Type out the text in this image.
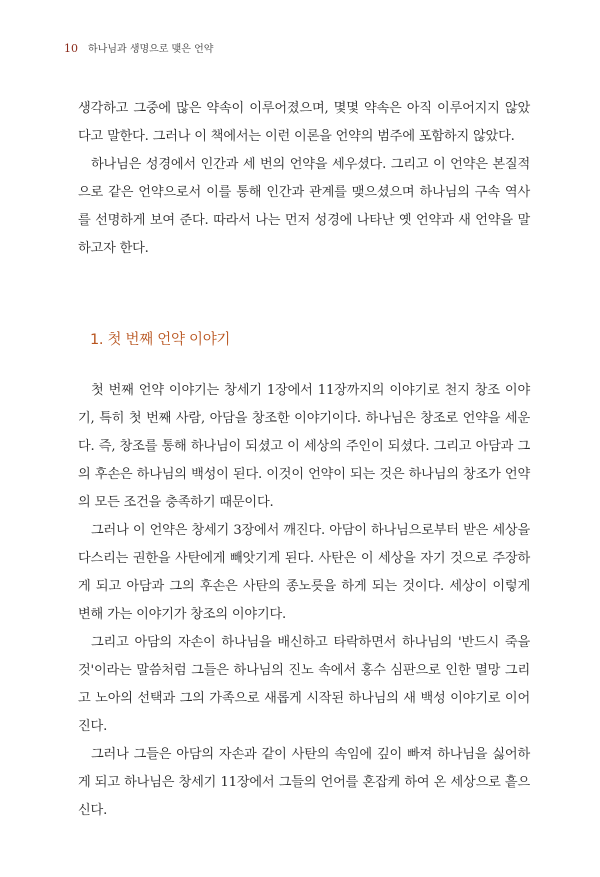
10 하나님과 생명으로 맺은 언약

생각하고 그중에 많은 약속이 이루어졌으며, 몇몇 약속은 아직 이루어지지 않았다고 말한다. 그러나 이 책에서는 이런 이론을 언약의 범주에 포함하지 않았다.

하나님은 성경에서 인간과 세 번의 언약을 세우셨다. 그리고 이 언약은 본질적으로 같은 언약으로서 이를 통해 인간과 관계를 맺으셨으며 하나님의 구속 역사를 선명하게 보여 준다. 따라서 나는 먼저 성경에 나타난 옛 언약과 새 언약을 말하고자 한다.

1. 첫 번째 언약 이야기

첫 번째 언약 이야기는 창세기 1장에서 11장까지의 이야기로 천지 창조 이야기, 특히 첫 번째 사람, 아담을 창조한 이야기이다. 하나님은 창조로 언약을 세운다. 즉, 창조를 통해 하나님이 되셨고 이 세상의 주인이 되셨다. 그리고 아담과 그의 후손은 하나님의 백성이 된다. 이것이 언약이 되는 것은 하나님의 창조가 언약의 모든 조건을 충족하기 때문이다.

그러나 이 언약은 창세기 3장에서 깨진다. 아담이 하나님으로부터 받은 세상을 다스리는 권한을 사탄에게 빼앗기게 된다. 사탄은 이 세상을 자기 것으로 주장하게 되고 아담과 그의 후손은 사탄의 종노릇을 하게 되는 것이다. 세상이 이렇게 변해 가는 이야기가 창조의 이야기다.

그리고 아담의 자손이 하나님을 배신하고 타락하면서 하나님의 '반드시 죽을 것'이라는 말씀처럼 그들은 하나님의 진노 속에서 홍수 심판으로 인한 멸망 그리고 노아의 선택과 그의 가족으로 새롭게 시작된 하나님의 새 백성 이야기로 이어진다.

그러나 그들은 아담의 자손과 같이 사탄의 속임에 깊이 빠져 하나님을 싫어하게 되고 하나님은 창세기 11장에서 그들의 언어를 혼잡케 하여 온 세상으로 흩으신다.
